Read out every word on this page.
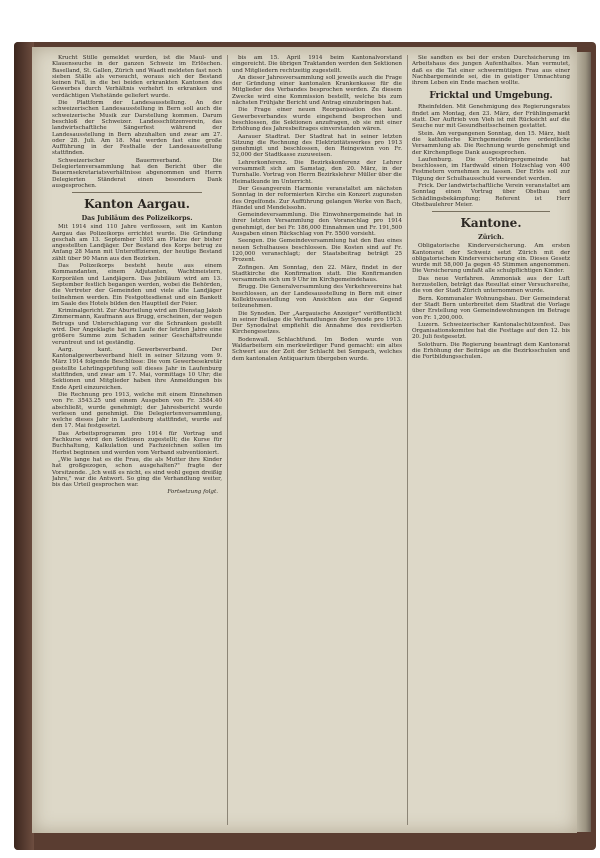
Krucht Stille gemeldet wurden, ist die Maul- und Klauenseuche in der ganzen Schweiz im Erlöschen. Baselland, St. Gallen, Zürich und Waadt meldeten fast noch sieben Ställe als verseucht, woraus sich der Bestand keinen Fall, in die bei beiden erkrankten Kantonen des Gewerbes durch Verhältnis verhehrt in erkranken und verdächtigen Viehstände geliefert wurde.

Die Plattform der Landesausstellung. An der schweizerischen Landesausstellung in Bern soll auch die schweizerische Musik zur Darstellung kommen. Darum beschloß der Schweizer. Landesschützenverein, das landwirtschaftliche Sängerfest während der Landesausstellung in Bern abzuhalten und zwar am 27. oder 28. Juli. Am 18. Mai werden fast eine große Aufführung in der Festhalle der Landesausstellung stattfinden.

Schweizerischer Bauernverband. Die Delegiertenversammlung hat den Bericht über die Bauernsekretariatsverhältnisse abgenommen und Herrn Delegierten Ständerat einen besondern Dank ausgesprochen.

Kanton Aargau.
Das Jubiläum des Polizeikorps.

Mit 1914 sind 110 Jahre verflossen, seit im Kanton Aargau das Polizeikorps errichtet wurde. Die Gründung geschah am 13. September 1803 am Platze der bisher angestellten Landjäger. Der Bestand des Korps betrug zu Anfang 28 Mann mit Unteroffizieren, der heutige Bestand zählt über 90 Mann aus den Bezirken.

Das Polizeikorps besteht heute aus einem Kommandanten, einem Adjutanten, Wachtmeistern, Korporälen und Landjägern. Das Jubiläum wird am 13. September festlich begangen werden, wobei die Behörden, die Vertreter der Gemeinden und viele alte Landjäger teilnehmen werden. Ein Festgottesdienst und ein Bankett im Saale des Hotels bilden den Hauptteil der Feier.

Kriminalgericht. Zur Aburteilung wird am Dienstag Jakob Zimmermann, Kaufmann aus Brugg, erscheinen, der wegen Betrugs und Unterschlagung vor die Schranken gestellt wird. Der Angeklagte hat im Laufe der letzten Jahre eine größere Summe zum Schaden seiner Geschäftsfreunde veruntreut und ist geständig.

Aarg. kant. Gewerbeverband. Der Kantonalgewerbeverband hielt in seiner Sitzung vom 9. März 1914 folgende Beschlüsse: Die vom Gewerbesekretär gestellte Lehrlingsprüfung soll dieses Jahr in Laufenburg stattfinden, und zwar am 17. Mai, vormittags 10 Uhr; die Sektionen und Mitglieder haben ihre Anmeldungen bis Ende April einzureichen.

Die Rechnung pro 1913, welche mit einem Einnehmen von Fr. 3543.25 und einem Ausgeben von Fr. 3584.40 abschließt, wurde genehmigt; der Jahresbericht wurde verlesen und genehmigt. Die Delegiertenversammlung, welche dieses Jahr in Laufenburg stattfindet, wurde auf den 17. Mai festgesetzt.

Das Arbeitsprogramm pro 1914 für Vortrag und Fachkurse wird den Sektionen zugestellt; die Kurse für Buchhaltung, Kalkulation und Fachzeichnen sollen im Herbst beginnen und werden vom Verband subventioniert.

„Wie lange hat es die Frau, die als Mutter ihre Kinder hat großgezogen, schon ausgehalten?" fragte der Vorsitzende. „Ich weiß es nicht, es sind wohl gegen dreißig Jahre," war die Antwort. So ging die Verhandlung weiter, bis das Urteil gesprochen war.

Fortsetzung folgt.

bis am 15. April 1914 beim Kantonalvorstand eingereicht. Die übrigen Traktanden werden den Sektionen und Mitgliedern rechtzeitig zugestellt.

An dieser Jahresversammlung soll jeweils auch die Frage der Gründung einer kantonalen Krankenkasse für die Mitglieder des Verbandes besprochen werden. Zu diesem Zwecke wird eine Kommission bestellt, welche bis zum nächsten Frühjahr Bericht und Antrag einzubringen hat.

Die Frage einer neuen Reorganisation des kant. Gewerbeverbandes wurde eingehend besprochen und beschlossen, die Sektionen anzufragen, ob sie mit einer Erhöhung des Jahresbeitrages einverstanden wären.

Aarauer Stadtrat. Der Stadtrat hat in seiner letzten Sitzung die Rechnung des Elektrizitätswerkes pro 1913 genehmigt und beschlossen, den Reingewinn von Fr. 52,000 der Stadtkasse zuzuweisen.

Lehrerkonferenz. Die Bezirkskonferenz der Lehrer versammelt sich am Samstag, den 20. März, in der Turnhalle. Vortrag von Herrn Bezirkslehrer Müller über die Heimatkunde im Unterricht.

Der Gesangverein Harmonie veranstaltet am nächsten Sonntag in der reformierten Kirche ein Konzert zugunsten des Orgelfonds. Zur Aufführung gelangen Werke von Bach, Händel und Mendelssohn.

Gemeindeversammlung. Die Einwohnergemeinde hat in ihrer letzten Versammlung den Voranschlag pro 1914 genehmigt, der bei Fr. 186,000 Einnahmen und Fr. 191,500 Ausgaben einen Rückschlag von Fr. 5500 vorsieht.

Seengen. Die Gemeindeversammlung hat den Bau eines neuen Schulhauses beschlossen. Die Kosten sind auf Fr. 120,000 veranschlagt; der Staatsbeitrag beträgt 25 Prozent.

Zofingen. Am Sonntag, den 22. März, findet in der Stadtkirche die Konfirmation statt. Die Konfirmanden versammeln sich um 9 Uhr im Kirchgemeindehaus.

Brugg. Die Generalversammlung des Verkehrsvereins hat beschlossen, an der Landesausstellung in Bern mit einer Kollektivausstellung von Ansichten aus der Gegend teilzunehmen.

Die Synoden. Der „Aargauische Anzeiger" veröffentlicht in seiner Beilage die Verhandlungen der Synode pro 1913. Der Synodalrat empfiehlt die Annahme des revidierten Kirchengesetzes.

Bodenwall. Schlachtfund. Im Boden wurde von Waldarbeitern ein merkwürdiger Fund gemacht: ein altes Schwert aus der Zeit der Schlacht bei Sempach, welches dem kantonalen Antiquarium übergeben wurde.

Sie sandten es bei der ersten Durchsicherung im Arbeitshaus des jungen Aufenthaltes. Man vermutet, daß es die Tat einer schwermütigen Frau aus einer Nachbargemeinde sei, die in geistiger Umnachtung ihrem Leben ein Ende machen wollte.

Fricktal und Umgebung.

Rheinfelden. Mit Genehmigung des Regierungsrates findet am Montag, den 23. März, der Frühlingsmarkt statt. Der Auftrieb von Vieh ist mit Rücksicht auf die Seuche nur mit Gesundheitsscheinen gestattet.

Stein. Am vergangenen Sonntag, den 15. März, hielt die katholische Kirchgemeinde ihre ordentliche Versammlung ab. Die Rechnung wurde genehmigt und der Kirchenpflege Dank ausgesprochen.

Laufenburg. Die Ortsbürgergemeinde hat beschlossen, im Hardwald einen Holzschlag von 400 Festmetern vornehmen zu lassen. Der Erlös soll zur Tilgung der Schulhausschuld verwendet werden.

Frick. Der landwirtschaftliche Verein veranstaltet am Sonntag einen Vortrag über Obstbau und Schädlingsbekämpfung; Referent ist Herr Obstbaulehrer Meier.

Kantone.
Zürich.

Obligatorische Kinderversicherung. Am ersten Kantonsrat der Schweiz setzt Zürich mit der obligatorischen Kinderversicherung ein. Dieses Gesetz wurde mit 58,000 Ja gegen 45 Stimmen angenommen. Die Versicherung umfaßt alle schulpflichtigen Kinder.

Das neue Verfahren. Ammoniak aus der Luft herzustellen, beträgt das Resultat einer Versuchsreihe, die von der Stadt Zürich unternommen wurde.

Bern. Kommunaler Wohnungsbau. Der Gemeinderat der Stadt Bern unterbreitet dem Stadtrat die Vorlage über Erstellung von Gemeindewohnungen im Betrage von Fr. 1,200,000.

Luzern. Schweizerischer Kantonalschützenfest. Das Organisationskomitee hat die Festtage auf den 12. bis 20. Juli festgesetzt.

Solothurn. Die Regierung beantragt dem Kantonsrat die Erhöhung der Beiträge an die Bezirksschulen und die Fortbildungsschulen.
